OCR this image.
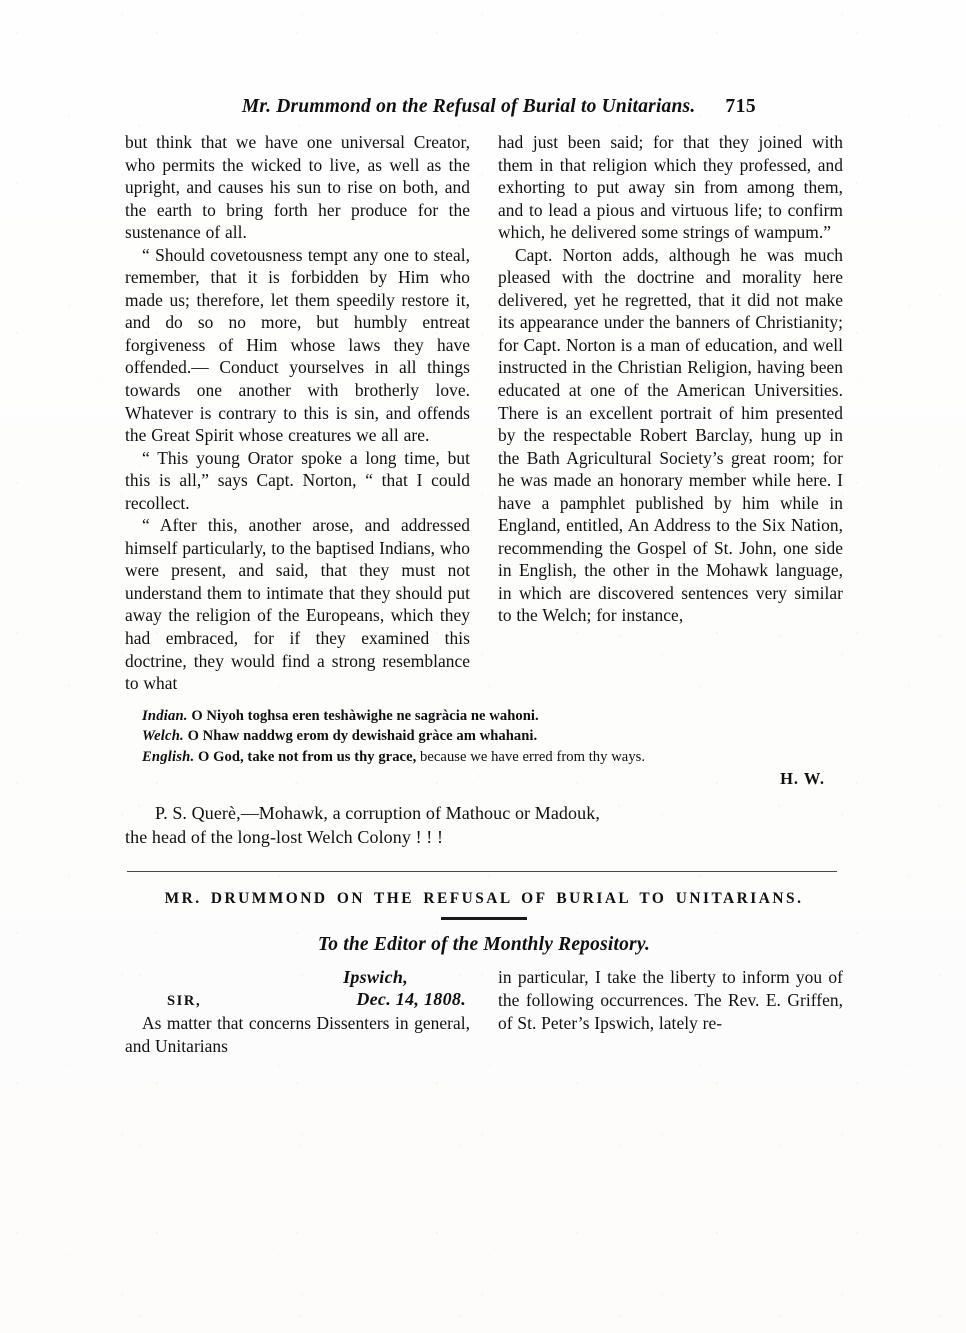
Mr. Drummond on the Refusal of Burial to Unitarians. 715

but think that we have one universal Creator, who permits the wicked to live, as well as the upright, and causes his sun to rise on both, and the earth to bring forth her produce for the sustenance of all.

“ Should covetousness tempt any one to steal, remember, that it is forbidden by Him who made us; therefore, let them speedily restore it, and do so no more, but humbly entreat forgiveness of Him whose laws they have offended.— Conduct yourselves in all things towards one another with brotherly love. Whatever is contrary to this is sin, and offends the Great Spirit whose creatures we all are.

“ This young Orator spoke a long time, but this is all,” says Capt. Norton, “ that I could recollect.

“ After this, another arose, and addressed himself particularly, to the baptised Indians, who were present, and said, that they must not understand them to intimate that they should put away the religion of the Europeans, which they had embraced, for if they examined this doctrine, they would find a strong resemblance to what

had just been said; for that they joined with them in that religion which they professed, and exhorting to put away sin from among them, and to lead a pious and virtuous life; to confirm which, he delivered some strings of wampum.”

Capt. Norton adds, although he was much pleased with the doctrine and morality here delivered, yet he regretted, that it did not make its appearance under the banners of Christianity; for Capt. Norton is a man of education, and well instructed in the Christian Religion, having been educated at one of the American Universities. There is an excellent portrait of him presented by the respectable Robert Barclay, hung up in the Bath Agricultural Society’s great room; for he was made an honorary member while here. I have a pamphlet published by him while in England, entitled, An Address to the Six Nation, recommending the Gospel of St. John, one side in English, the other in the Mohawk language, in which are discovered sentences very similar to the Welch; for instance,

Indian. O Niyoh toghsa eren teshàwighe ne sagràcia ne wahoni.
Welch. O Nhaw naddwg erom dy dewishaid gràce am whahani.
English. O God, take not from us thy grace, because we have erred from thy ways.
H. W.
P. S. Querè,—Mohawk, a corruption of Mathouc or Madouk,
the head of the long-lost Welch Colony ! ! !
MR. DRUMMOND ON THE REFUSAL OF BURIAL TO UNITARIANS.
To the Editor of the Monthly Repository.
Ipswich,
SIR,	Dec. 14, 1808.

As matter that concerns Dissenters in general, and Unitarians

in particular, I take the liberty to inform you of the following occurrences. The Rev. E. Griffen, of St. Peter’s Ipswich, lately re-
